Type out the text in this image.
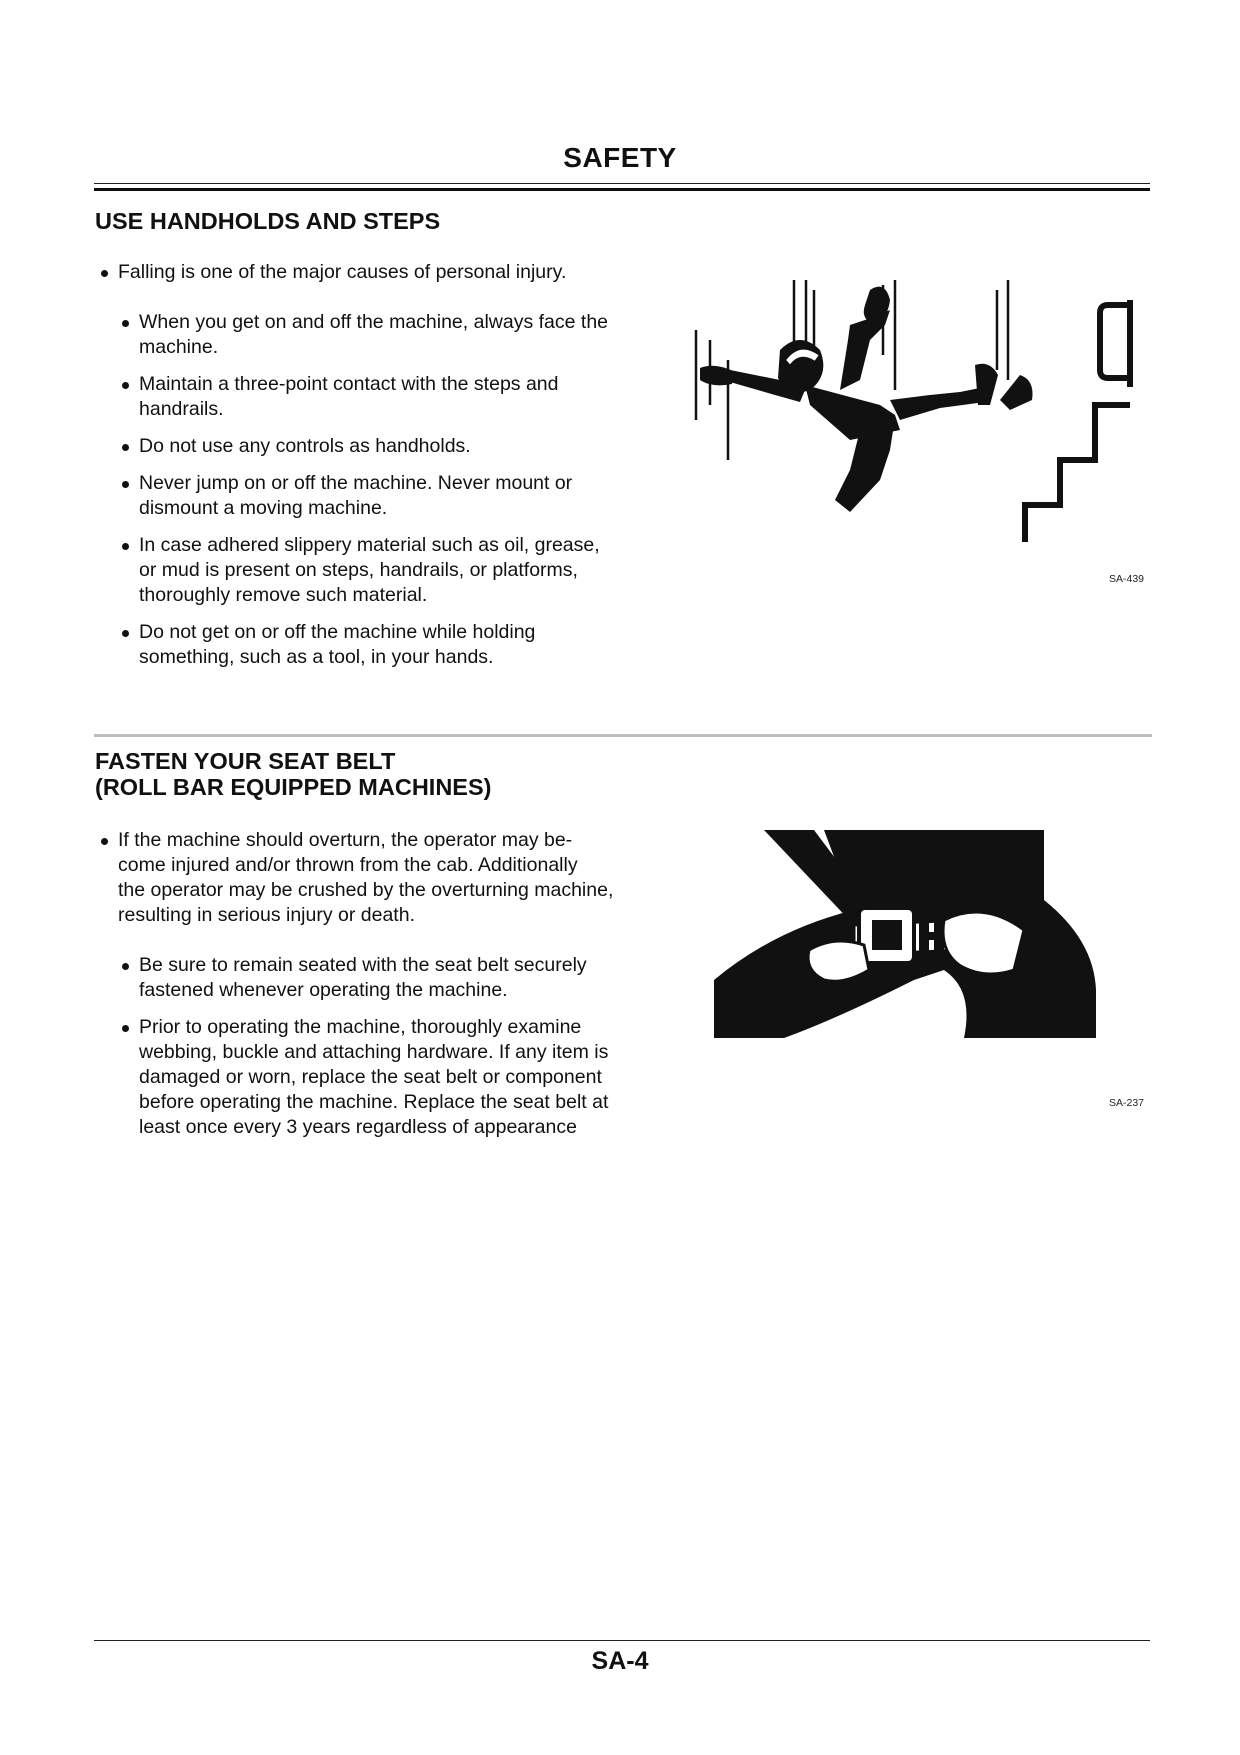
SAFETY
USE HANDHOLDS AND STEPS
Falling is one of the major causes of personal injury.
When you get on and off the machine, always face the
machine.
Maintain a three-point contact with the steps and
handrails.
Do not use any controls as handholds.
Never jump on or off the machine. Never mount or
dismount a moving machine.
In case adhered slippery material such as oil, grease,
or mud is present on steps, handrails, or platforms,
thoroughly remove such material.
Do not get on or off the machine while holding
something, such as a tool, in your hands.
SA-439
FASTEN YOUR SEAT BELT
(ROLL BAR EQUIPPED MACHINES)
If the machine should overturn, the operator may be-
come injured and/or thrown from the cab. Additionally
the operator may be crushed by the overturning machine,
resulting in serious injury or death.
Be sure to remain seated with the seat belt securely
fastened whenever operating the machine.
Prior to operating the machine, thoroughly examine
webbing, buckle and attaching hardware. If any item is
damaged or worn, replace the seat belt or component
before operating the machine. Replace the seat belt at
least once every 3 years regardless of appearance
SA-237
SA-4
